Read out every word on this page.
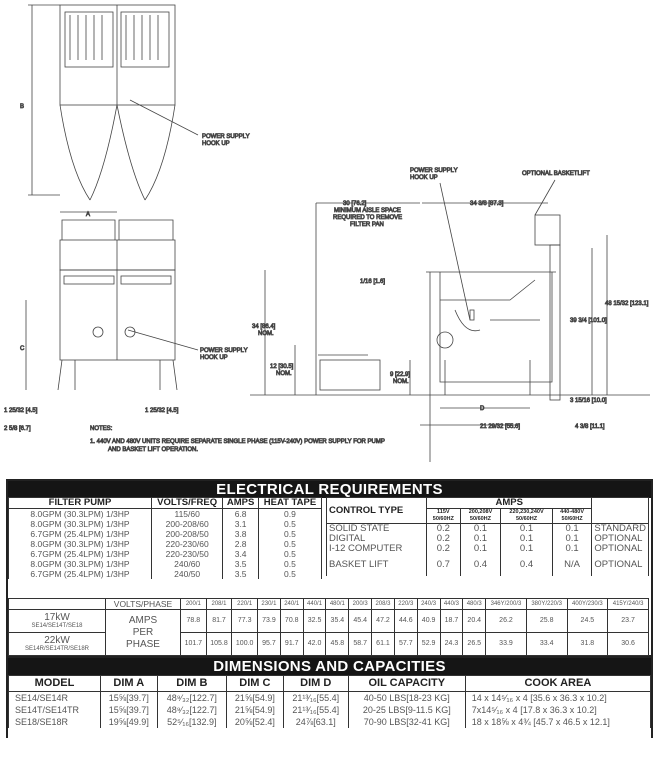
B
POWER SUPPLY
HOOK UP
A
C	POWER SUPPLY
HOOK UP
1 25/32 [4.5]	1 25/32 [4.5]
2 5/8 [6.7]
POWER SUPPLY
HOOK UP
OPTIONAL BASKETLIFT
30 [76.2]
MINIMUM AISLE SPACE
REQUIRED TO REMOVE
FILTER PAN
34 3/8 [87.3]
1/16 [1.6]
34 [86.4]
NOM.
12 [30.5]
NOM.	9 [22.9]
NOM.
39 3/4 [101.0]
48 15/32 [123.1]
D
3 15/16 [10.0]
21 29/32 [55.6]	4 3/8 [11.1]
NOTES:
1. 440V AND 480V UNITS REQUIRE SEPARATE SINGLE PHASE (115V-240V) POWER SUPPLY FOR PUMP
AND BASKET LIFT OPERATION.
ELECTRICAL REQUIREMENTS
FILTER PUMP	VOLTS/FREQ	AMPS	HEAT TAPE
8.0GPM (30.3LPM) 1/3HP	115/60	6.8	0.9
8.0GPM (30.3LPM) 1/3HP	200-208/60	3.1	0.5
6.7GPM (25.4LPM) 1/3HP	200-208/50	3.8	0.5
8.0GPM (30.3LPM) 1/3HP	220-230/60	2.8	0.5
6.7GPM (25.4LPM) 1/3HP	220-230/50	3.4	0.5
8.0GPM (30.3LPM) 1/3HP	240/60	3.5	0.5
6.7GPM (25.4LPM) 1/3HP	240/50	3.5	0.5
CONTROL TYPE	AMPS				
	115V 50/60HZ	200,208V 50/60HZ	220,230,240V 50/60HZ	440-480V 50/60HZ	
SOLID STATE	0.2	0.1	0.1	0.1	STANDARD
DIGITAL	0.2	0.1	0.1	0.1	OPTIONAL
I-12 COMPUTER	0.2	0.1	0.1	0.1	OPTIONAL
BASKET LIFT	0.7	0.4	0.4	N/A	OPTIONAL
	VOLTS/PHASE	200/1	208/1	220/1	230/1	240/1	440/1	480/1	200/3	208/3	220/3	240/3	440/3	480/3	346Y/200/3	380Y/220/3	400Y/230/3	415Y/240/3

17kW
SE14/SE14T/SE18	AMPS PER PHASE	78.8	81.7	77.3	73.9	70.8	32.5	35.4	45.4	47.2	44.6	40.9	18.7	20.4	26.2	25.8	24.5	23.7

22kW
SE14R/SE14TR/SE18R		101.7	105.8	100.0	95.7	91.7	42.0	45.8	58.7	61.1	57.7	52.9	24.3	26.5	33.9	33.4	31.8	30.6
DIMENSIONS AND CAPACITIES
MODEL	DIM A	DIM B	DIM C	DIM D	OIL CAPACITY	COOK AREA
SE14/SE14R	15⅝[39.7]	48⁹⁄₃₂[122.7]	21⅝[54.9]	21¹³⁄₁₆[55.4]	40-50 LBS[18-23 KG]	14 x 14⁵⁄₁₆ x 4 [35.6 x 36.3 x 10.2]
SE14T/SE14TR	15⅝[39.7]	48⁹⁄₃₂[122.7]	21⅝[54.9]	21¹³⁄₁₆[55.4]	20-25 LBS[9-11.5 KG]	7x14⁵⁄₁₆ x 4 [17.8 x 36.3 x 10.2]
SE18/SE18R	19⅝[49.9]	52⁵⁄₁₆[132.9]	20⅝[52.4]	24⅞[63.1]	70-90 LBS[32-41 KG]	18 x 18⅝ x 4¾ [45.7 x 46.5 x 12.1]
